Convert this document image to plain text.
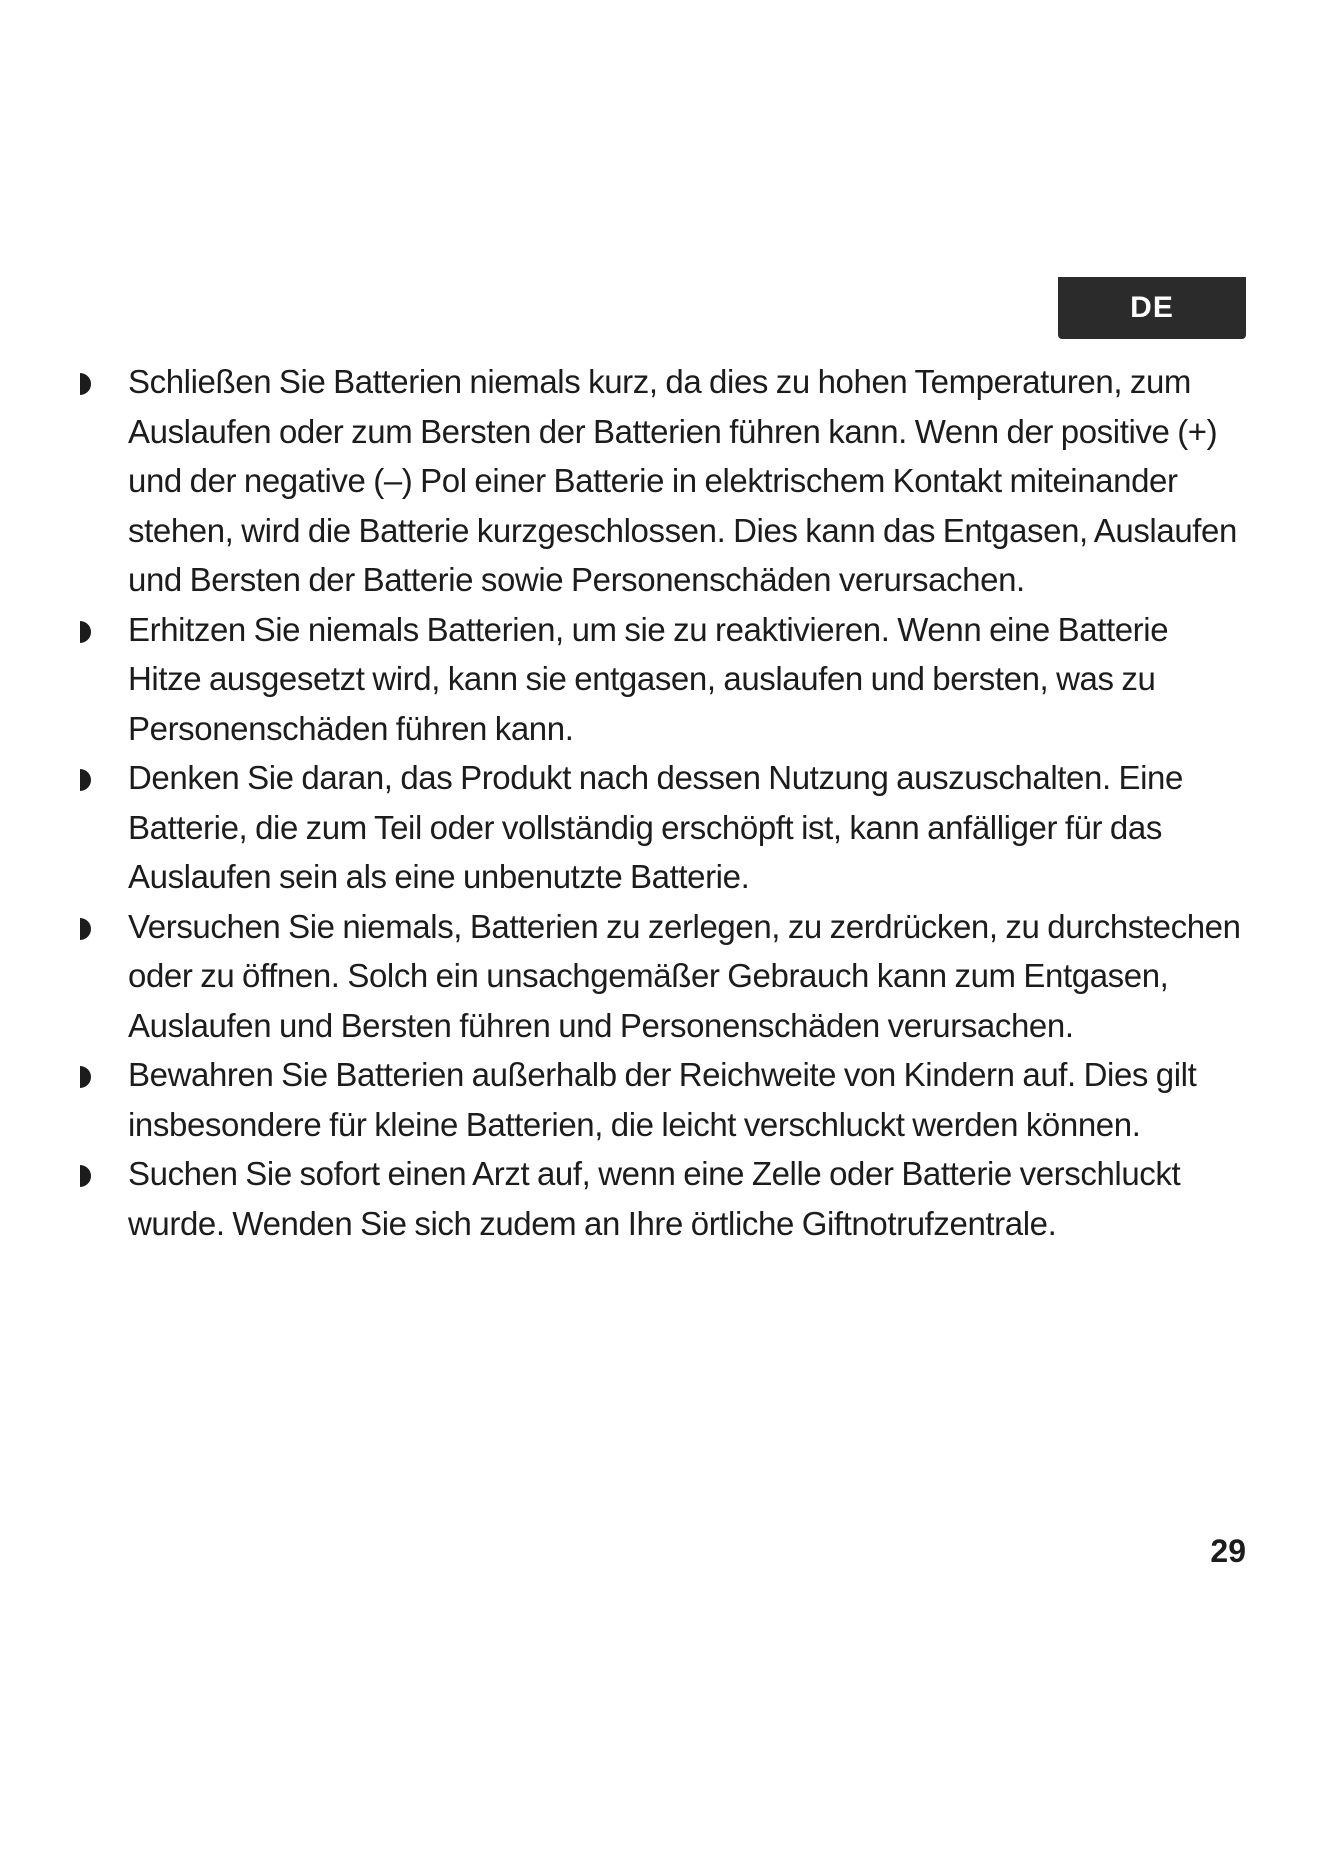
DE
Schließen Sie Batterien niemals kurz, da dies zu hohen Temperaturen, zum Auslaufen oder zum Bersten der Batterien führen kann. Wenn der positive (+) und der negative (–) Pol einer Batterie in elektrischem Kontakt miteinander stehen, wird die Batterie kurzgeschlossen. Dies kann das Entgasen, Auslaufen und Bersten der Batterie sowie Personenschäden verursachen.
Erhitzen Sie niemals Batterien, um sie zu reaktivieren. Wenn eine Batterie Hitze ausgesetzt wird, kann sie entgasen, auslaufen und bersten, was zu Personenschäden führen kann.
Denken Sie daran, das Produkt nach dessen Nutzung auszuschalten. Eine Batterie, die zum Teil oder vollständig erschöpft ist, kann anfälliger für das Auslaufen sein als eine unbenutzte Batterie.
Versuchen Sie niemals, Batterien zu zerlegen, zu zerdrücken, zu durchstechen oder zu öffnen. Solch ein unsachgemäßer Gebrauch kann zum Entgasen, Auslaufen und Bersten führen und Personenschäden verursachen.
Bewahren Sie Batterien außerhalb der Reichweite von Kindern auf. Dies gilt insbesondere für kleine Batterien, die leicht verschluckt werden können.
Suchen Sie sofort einen Arzt auf, wenn eine Zelle oder Batterie verschluckt wurde. Wenden Sie sich zudem an Ihre örtliche Giftnotrufzentrale.
29
